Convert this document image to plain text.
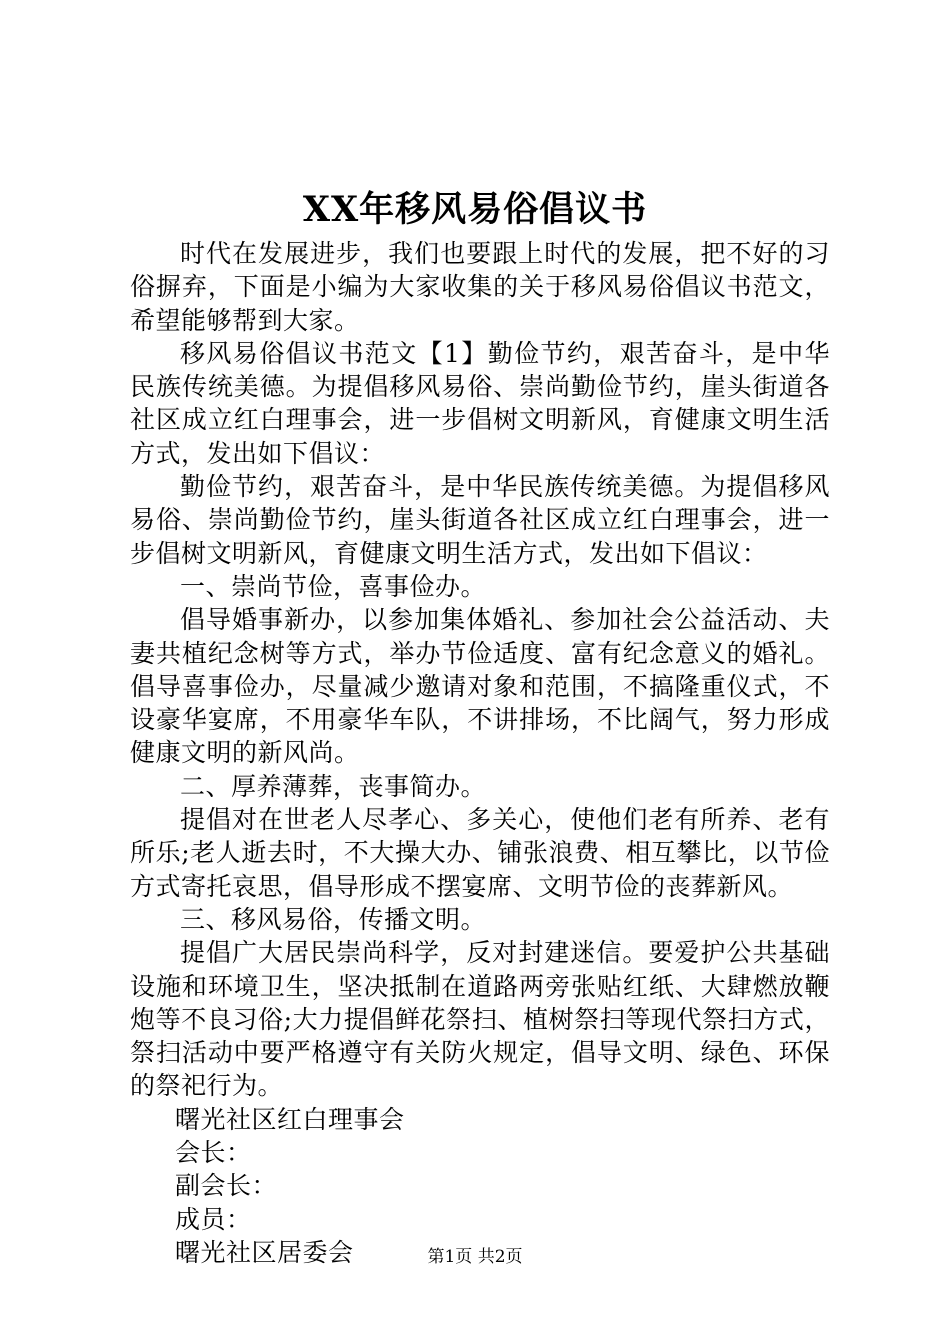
XX年移风易俗倡议书

时代在发展进步，我们也要跟上时代的发展，把不好的习俗摒弃，下面是小编为大家收集的关于移风易俗倡议书范文，希望能够帮到大家。

移风易俗倡议书范文【1】勤俭节约，艰苦奋斗，是中华民族传统美德。为提倡移风易俗、崇尚勤俭节约，崖头街道各社区成立红白理事会，进一步倡树文明新风，育健康文明生活方式，发出如下倡议：

勤俭节约，艰苦奋斗，是中华民族传统美德。为提倡移风易俗、崇尚勤俭节约，崖头街道各社区成立红白理事会，进一步倡树文明新风，育健康文明生活方式，发出如下倡议：

一、崇尚节俭，喜事俭办。

倡导婚事新办，以参加集体婚礼、参加社会公益活动、夫妻共植纪念树等方式，举办节俭适度、富有纪念意义的婚礼。倡导喜事俭办，尽量减少邀请对象和范围，不搞隆重仪式，不设豪华宴席，不用豪华车队，不讲排场，不比阔气，努力形成健康文明的新风尚。

二、厚养薄葬，丧事简办。

提倡对在世老人尽孝心、多关心，使他们老有所养、老有所乐;老人逝去时，不大操大办、铺张浪费、相互攀比，以节俭方式寄托哀思，倡导形成不摆宴席、文明节俭的丧葬新风。

三、移风易俗，传播文明。

提倡广大居民崇尚科学，反对封建迷信。要爱护公共基础设施和环境卫生，坚决抵制在道路两旁张贴红纸、大肆燃放鞭炮等不良习俗;大力提倡鲜花祭扫、植树祭扫等现代祭扫方式，祭扫活动中要严格遵守有关防火规定，倡导文明、绿色、环保的祭祀行为。

曙光社区红白理事会

会长：

副会长：

成员：

曙光社区居委会	第1页 共2页
